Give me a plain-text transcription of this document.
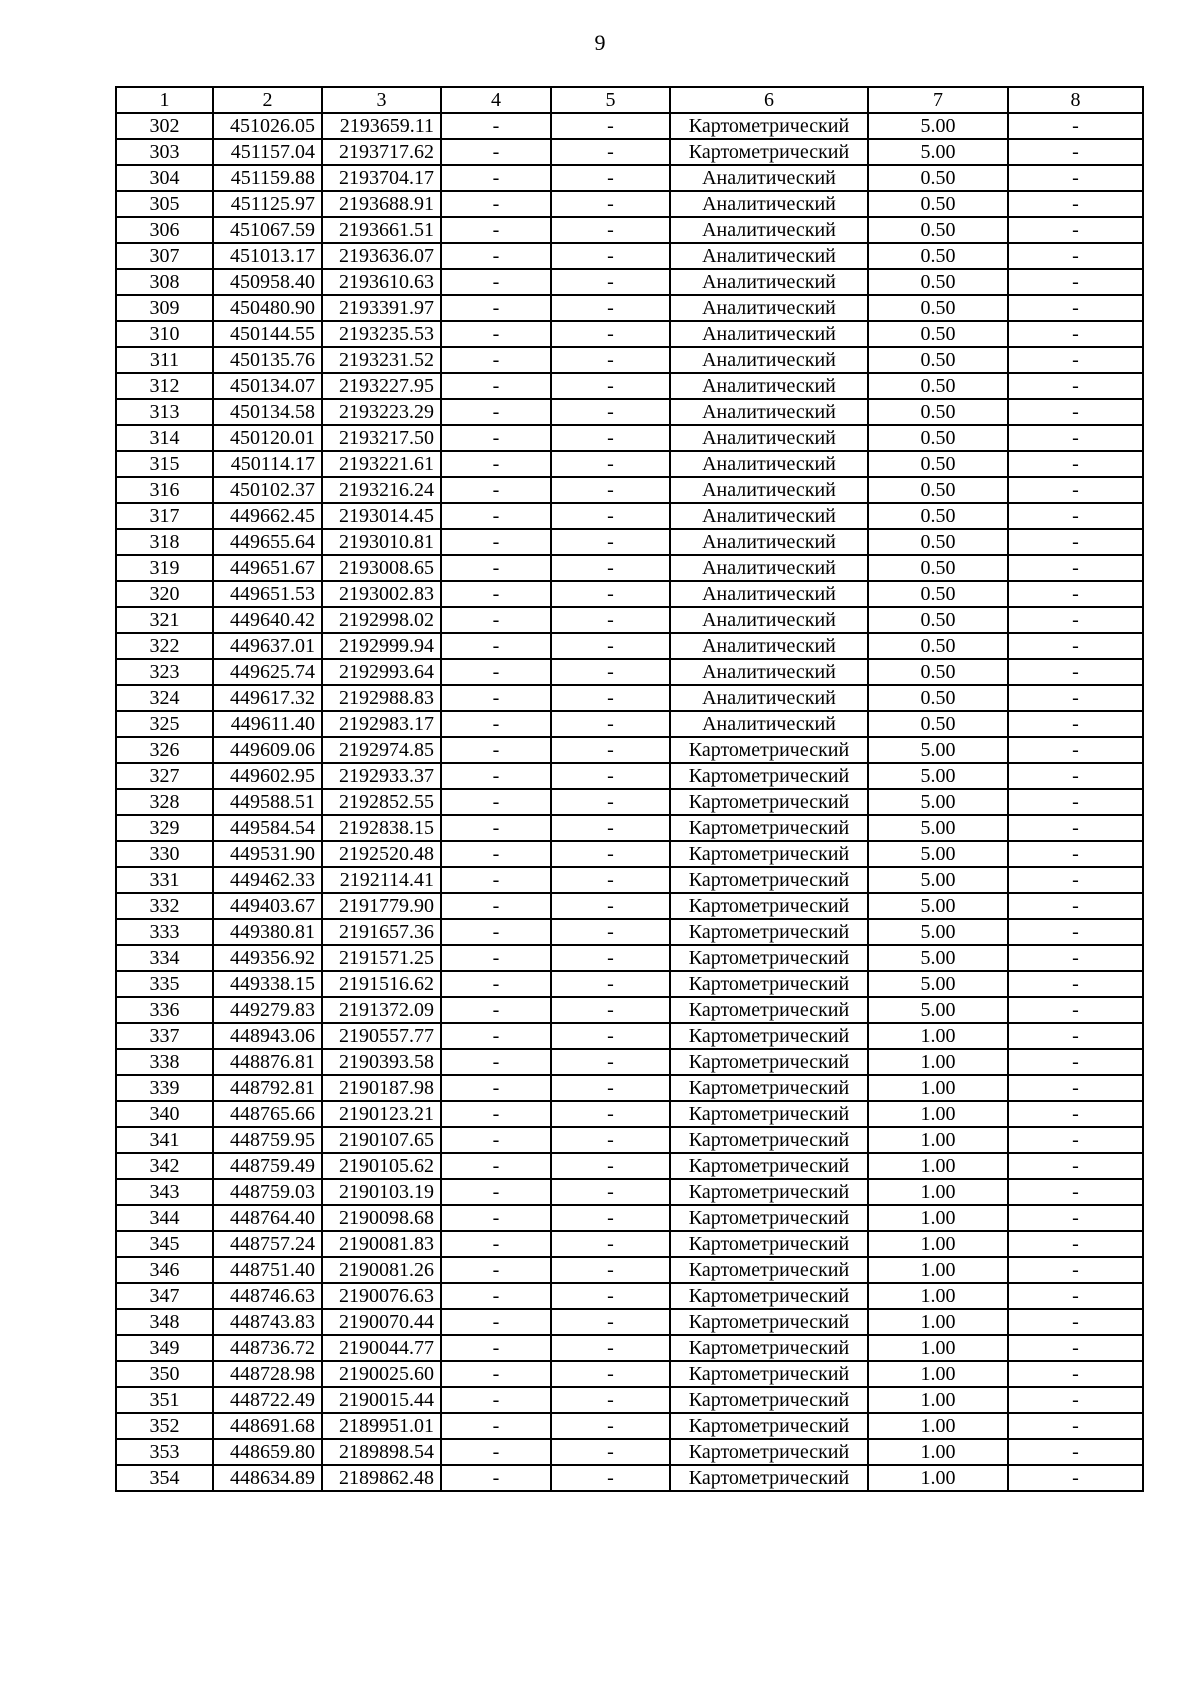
9
1	2	3	4	5	6	7	8
302	451026.05	2193659.11	-	-	Картометрический	5.00	-
303	451157.04	2193717.62	-	-	Картометрический	5.00	-
304	451159.88	2193704.17	-	-	Аналитический	0.50	-
305	451125.97	2193688.91	-	-	Аналитический	0.50	-
306	451067.59	2193661.51	-	-	Аналитический	0.50	-
307	451013.17	2193636.07	-	-	Аналитический	0.50	-
308	450958.40	2193610.63	-	-	Аналитический	0.50	-
309	450480.90	2193391.97	-	-	Аналитический	0.50	-
310	450144.55	2193235.53	-	-	Аналитический	0.50	-
311	450135.76	2193231.52	-	-	Аналитический	0.50	-
312	450134.07	2193227.95	-	-	Аналитический	0.50	-
313	450134.58	2193223.29	-	-	Аналитический	0.50	-
314	450120.01	2193217.50	-	-	Аналитический	0.50	-
315	450114.17	2193221.61	-	-	Аналитический	0.50	-
316	450102.37	2193216.24	-	-	Аналитический	0.50	-
317	449662.45	2193014.45	-	-	Аналитический	0.50	-
318	449655.64	2193010.81	-	-	Аналитический	0.50	-
319	449651.67	2193008.65	-	-	Аналитический	0.50	-
320	449651.53	2193002.83	-	-	Аналитический	0.50	-
321	449640.42	2192998.02	-	-	Аналитический	0.50	-
322	449637.01	2192999.94	-	-	Аналитический	0.50	-
323	449625.74	2192993.64	-	-	Аналитический	0.50	-
324	449617.32	2192988.83	-	-	Аналитический	0.50	-
325	449611.40	2192983.17	-	-	Аналитический	0.50	-
326	449609.06	2192974.85	-	-	Картометрический	5.00	-
327	449602.95	2192933.37	-	-	Картометрический	5.00	-
328	449588.51	2192852.55	-	-	Картометрический	5.00	-
329	449584.54	2192838.15	-	-	Картометрический	5.00	-
330	449531.90	2192520.48	-	-	Картометрический	5.00	-
331	449462.33	2192114.41	-	-	Картометрический	5.00	-
332	449403.67	2191779.90	-	-	Картометрический	5.00	-
333	449380.81	2191657.36	-	-	Картометрический	5.00	-
334	449356.92	2191571.25	-	-	Картометрический	5.00	-
335	449338.15	2191516.62	-	-	Картометрический	5.00	-
336	449279.83	2191372.09	-	-	Картометрический	5.00	-
337	448943.06	2190557.77	-	-	Картометрический	1.00	-
338	448876.81	2190393.58	-	-	Картометрический	1.00	-
339	448792.81	2190187.98	-	-	Картометрический	1.00	-
340	448765.66	2190123.21	-	-	Картометрический	1.00	-
341	448759.95	2190107.65	-	-	Картометрический	1.00	-
342	448759.49	2190105.62	-	-	Картометрический	1.00	-
343	448759.03	2190103.19	-	-	Картометрический	1.00	-
344	448764.40	2190098.68	-	-	Картометрический	1.00	-
345	448757.24	2190081.83	-	-	Картометрический	1.00	-
346	448751.40	2190081.26	-	-	Картометрический	1.00	-
347	448746.63	2190076.63	-	-	Картометрический	1.00	-
348	448743.83	2190070.44	-	-	Картометрический	1.00	-
349	448736.72	2190044.77	-	-	Картометрический	1.00	-
350	448728.98	2190025.60	-	-	Картометрический	1.00	-
351	448722.49	2190015.44	-	-	Картометрический	1.00	-
352	448691.68	2189951.01	-	-	Картометрический	1.00	-
353	448659.80	2189898.54	-	-	Картометрический	1.00	-
354	448634.89	2189862.48	-	-	Картометрический	1.00	-
